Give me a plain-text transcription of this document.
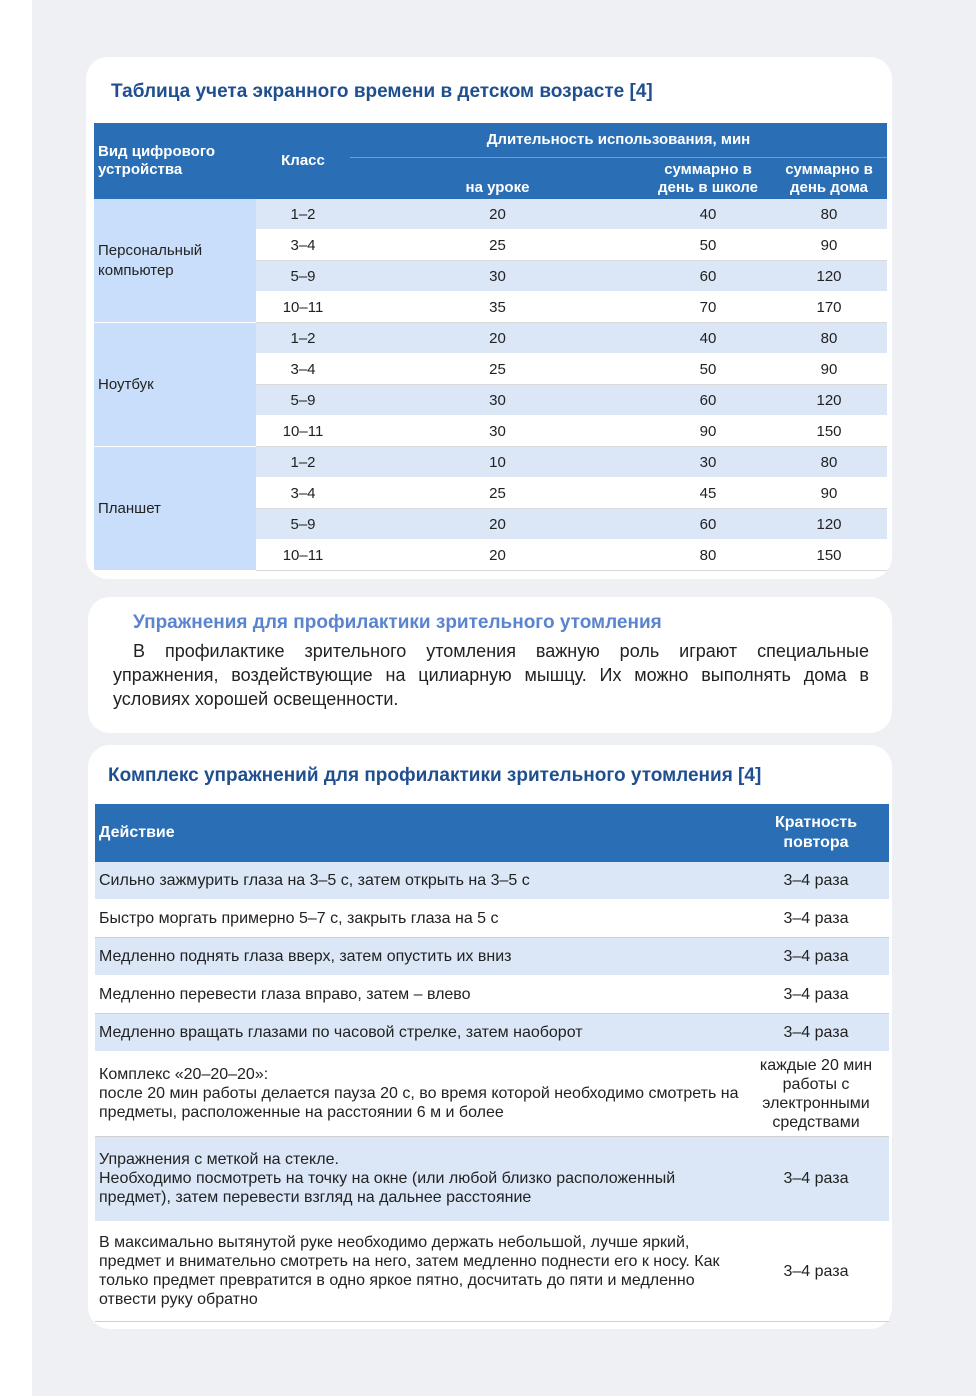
Таблица учета экранного времени в детском возрасте [4]
Вид цифрового устройства	Класс	Длительность использования, мин		
		на уроке	суммарно в день в школе	суммарно в день дома
Персональный компьютер	1–2	20	40	80
	3–4	25	50	90
	5–9	30	60	120
	10–11	35	70	170
Ноутбук	1–2	20	40	80
	3–4	25	50	90
	5–9	30	60	120
	10–11	30	90	150
Планшет	1–2	10	30	80
	3–4	25	45	90
	5–9	20	60	120
	10–11	20	80	150
Упражнения для профилактики зрительного утомления

В профилактике зрительного утомления важную роль играют специальные упражнения, воздействующие на цилиарную мышцу. Их можно выполнять дома в условиях хорошей освещенности.

Комплекс упражнений для профилактики зрительного утомления [4]
Действие	Кратность повтора
Сильно зажмурить глаза на 3–5 с, затем открыть на 3–5 с	3–4 раза
Быстро моргать примерно 5–7 с, закрыть глаза на 5 с	3–4 раза
Медленно поднять глаза вверх, затем опустить их вниз	3–4 раза
Медленно перевести глаза вправо, затем – влево	3–4 раза
Медленно вращать глазами по часовой стрелке, затем наоборот	3–4 раза
Комплекс «20–20–20»:
после 20 мин работы делается пауза 20 с, во время которой необходимо смотреть на предметы, расположенные на расстоянии 6 м и более	каждые 20 мин работы с электронными средствами
Упражнения с меткой на стекле.
Необходимо посмотреть на точку на окне (или любой близко расположенный предмет), затем перевести взгляд на дальнее расстояние	3–4 раза
В максимально вытянутой руке необходимо держать небольшой, лучше яркий, предмет и внимательно смотреть на него, затем медленно поднести его к носу. Как только предмет превратится в одно яркое пятно, досчитать до пяти и медленно отвести руку обратно	3–4 раза
